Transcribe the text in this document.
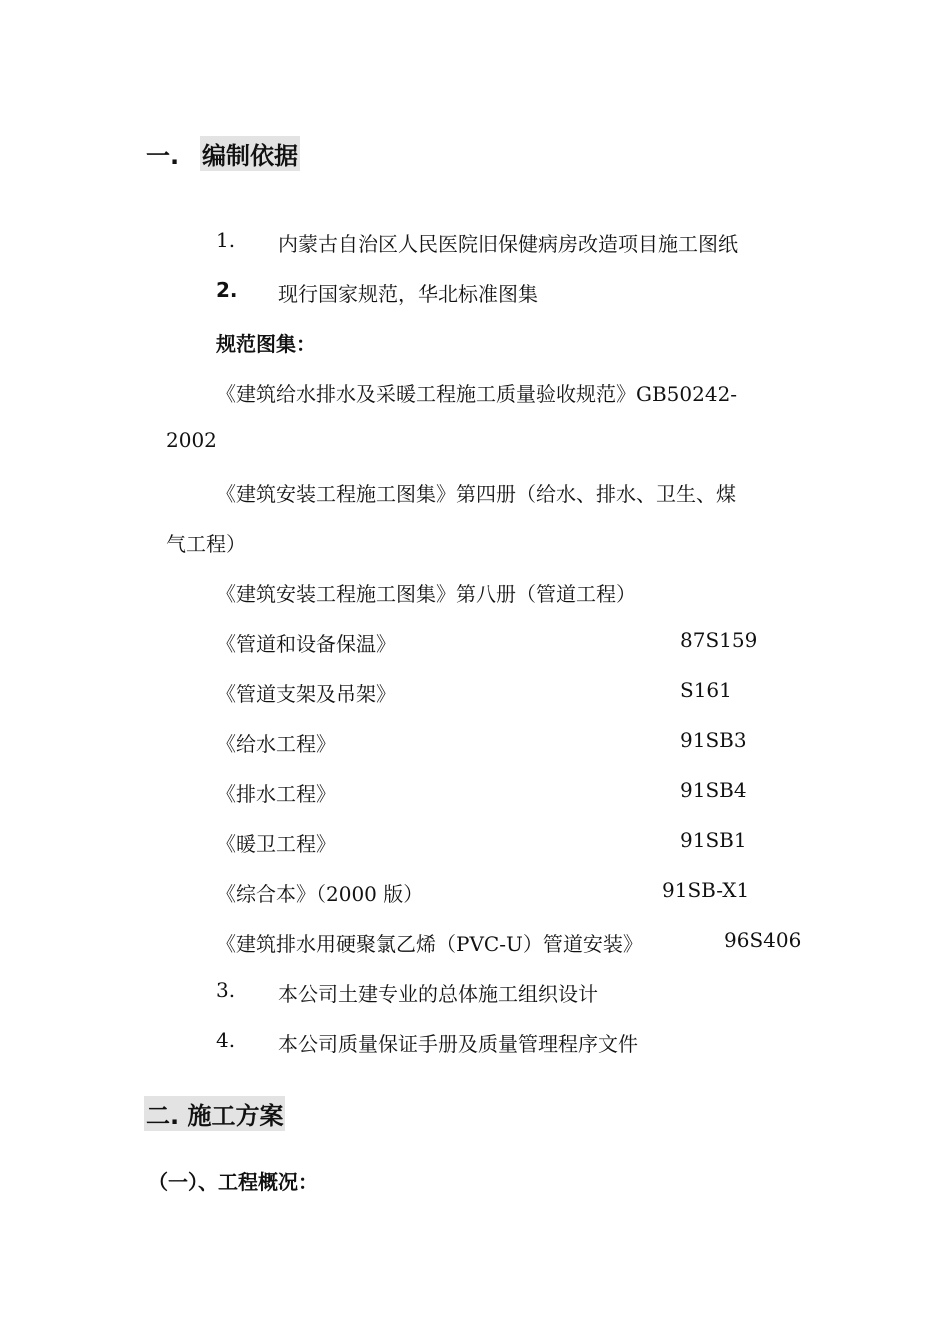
一. 编制依据
1. 内蒙古自治区人民医院旧保健病房改造项目施工图纸
2. 现行国家规范，华北标准图集
规范图集：
《建筑给水排水及采暖工程施工质量验收规范》GB50242-
2002
《建筑安装工程施工图集》第四册（给水、排水、卫生、煤
气工程）
《建筑安装工程施工图集》第八册（管道工程）
《管道和设备保温》	87S159
《管道支架及吊架》	S161
《给水工程》	91SB3
《排水工程》	91SB4
《暖卫工程》	91SB1
《综合本》（2000 版）	91SB-X1
《建筑排水用硬聚氯乙烯（PVC-U）管道安装》	96S406
3. 本公司土建专业的总体施工组织设计
4. 本公司质量保证手册及质量管理程序文件
二. 施工方案
（一）、工程概况：
